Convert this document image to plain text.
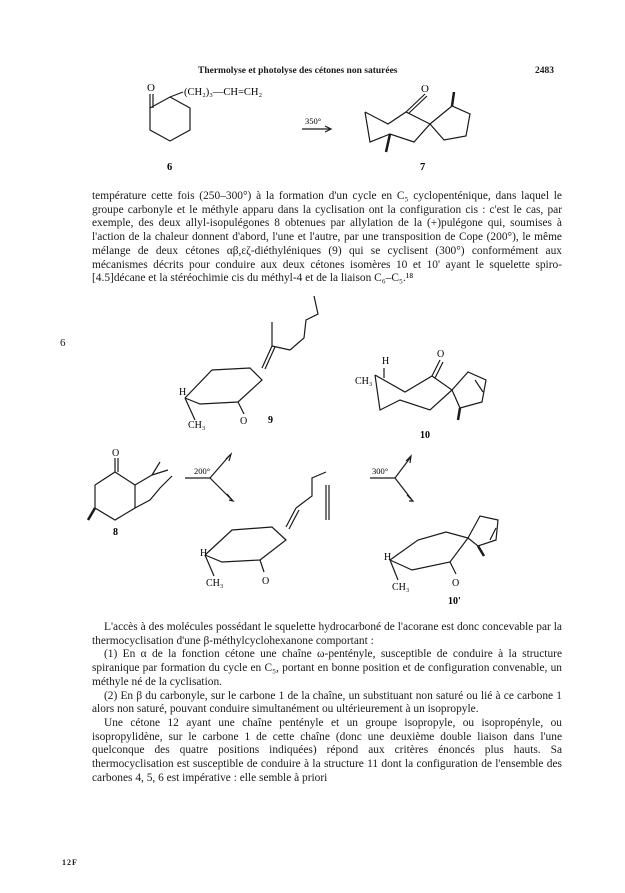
Thermolyse et photolyse des cétones non saturées	2483
O	(CH₂)₃—CH=CH₂
350°
O
6	7
6

température cette fois (250–300°) à la formation d'un cycle en C₅ cyclopenténique, dans laquel le groupe carbonyle et le méthyle apparu dans la cyclisation ont la configuration cis : c'est le cas, par exemple, des deux allyl-isopulégones 8 obtenues par allylation de la (+)pulégone qui, soumises à l'action de la chaleur donnent d'abord, l'une et l'autre, par une transposition de Cope (200°), le même mélange de deux cétones αβ,εζ-diéthyléniques (9) qui se cyclisent (300°) conformément aux mécanismes décrits pour conduire aux deux cétones isomères 10 et 10' ayant le squelette spiro-[4.5]décane et la stéréochimie cis du méthyl-4 et de la liaison C₆–C₅.¹⁸

H
CH₃	O 9
H
CH₃
O
10
O
8
200°	300°
H
CH₃	O
H
CH₃	O
10'
L'accès à des molécules possédant le squelette hydrocarboné de l'acorane est donc concevable par la thermocyclisation d'une β-méthylcyclohexanone comportant :
(1) En α de la fonction cétone une chaîne ω-penténylе, susceptible de conduire à la structure spiranique par formation du cycle en C₅, portant en bonne position et de configuration convenable, un méthyle né de la cyclisation.
(2) En β du carbonyle, sur le carbone 1 de la chaîne, un substituant non saturé ou lié à ce carbone 1 alors non saturé, pouvant conduire simultanément ou ultérieurement à un isopropyle.
Une cétone 12 ayant une chaîne penténylе et un groupe isopropyle, ou isopropényle, ou isopropylidène, sur le carbone 1 de cette chaîne (donc une deuxième double liaison dans l'une quelconque des quatre positions indiquées) répond aux critères énoncés plus hauts. Sa thermocyclisation est susceptible de conduire à la structure 11 dont la configuration de l'ensemble des carbones 4, 5, 6 est impérative : elle semble à priori
12F
